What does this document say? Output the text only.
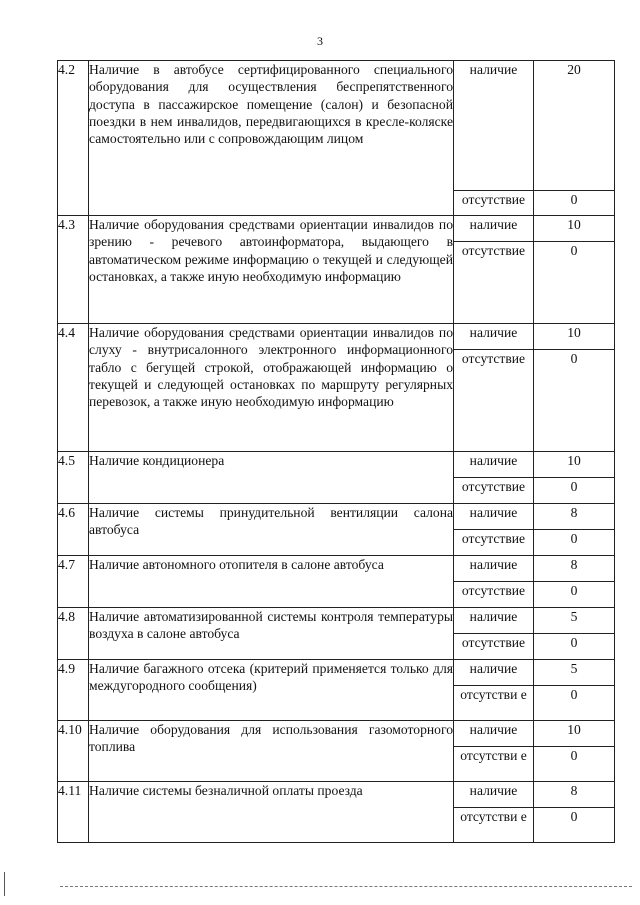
3
4.2	Наличие в автобусе сертифицированного специального оборудования для осуществления беспрепятственного доступа в пассажирское помещение (салон) и безопасной поездки в нем инвалидов, передвигающихся в кресле-коляске самостоятельно или с сопровождающим лицом	наличие	20
		отсутствие	0
4.3	Наличие оборудования средствами ориентации инвалидов по зрению - речевого автоинформатора, выдающего в автоматическом режиме информацию о текущей и следующей остановках, а также иную необходимую информацию	наличие	10
		отсутствие	0
4.4	Наличие оборудования средствами ориентации инвалидов по слуху - внутрисалонного электронного информационного табло с бегущей строкой, отображающей информацию о текущей и следующей остановках по маршруту регулярных перевозок, а также иную необходимую информацию	наличие	10
		отсутствие	0
4.5	Наличие кондиционера	наличие	10
		отсутствие	0
4.6	Наличие системы принудительной вентиляции салона автобуса	наличие	8
		отсутствие	0
4.7	Наличие автономного отопителя в салоне автобуса	наличие	8
		отсутствие	0
4.8	Наличие автоматизированной системы контроля температуры воздуха в салоне автобуса	наличие	5
		отсутствие	0
4.9	Наличие багажного отсека (критерий применяется только для междугородного сообщения)	наличие	5
		отсутстви е	0
4.10	Наличие оборудования для использования газомоторного топлива	наличие	10
		отсутстви е	0
4.11	Наличие системы безналичной оплаты проезда	наличие	8
		отсутстви е	0
